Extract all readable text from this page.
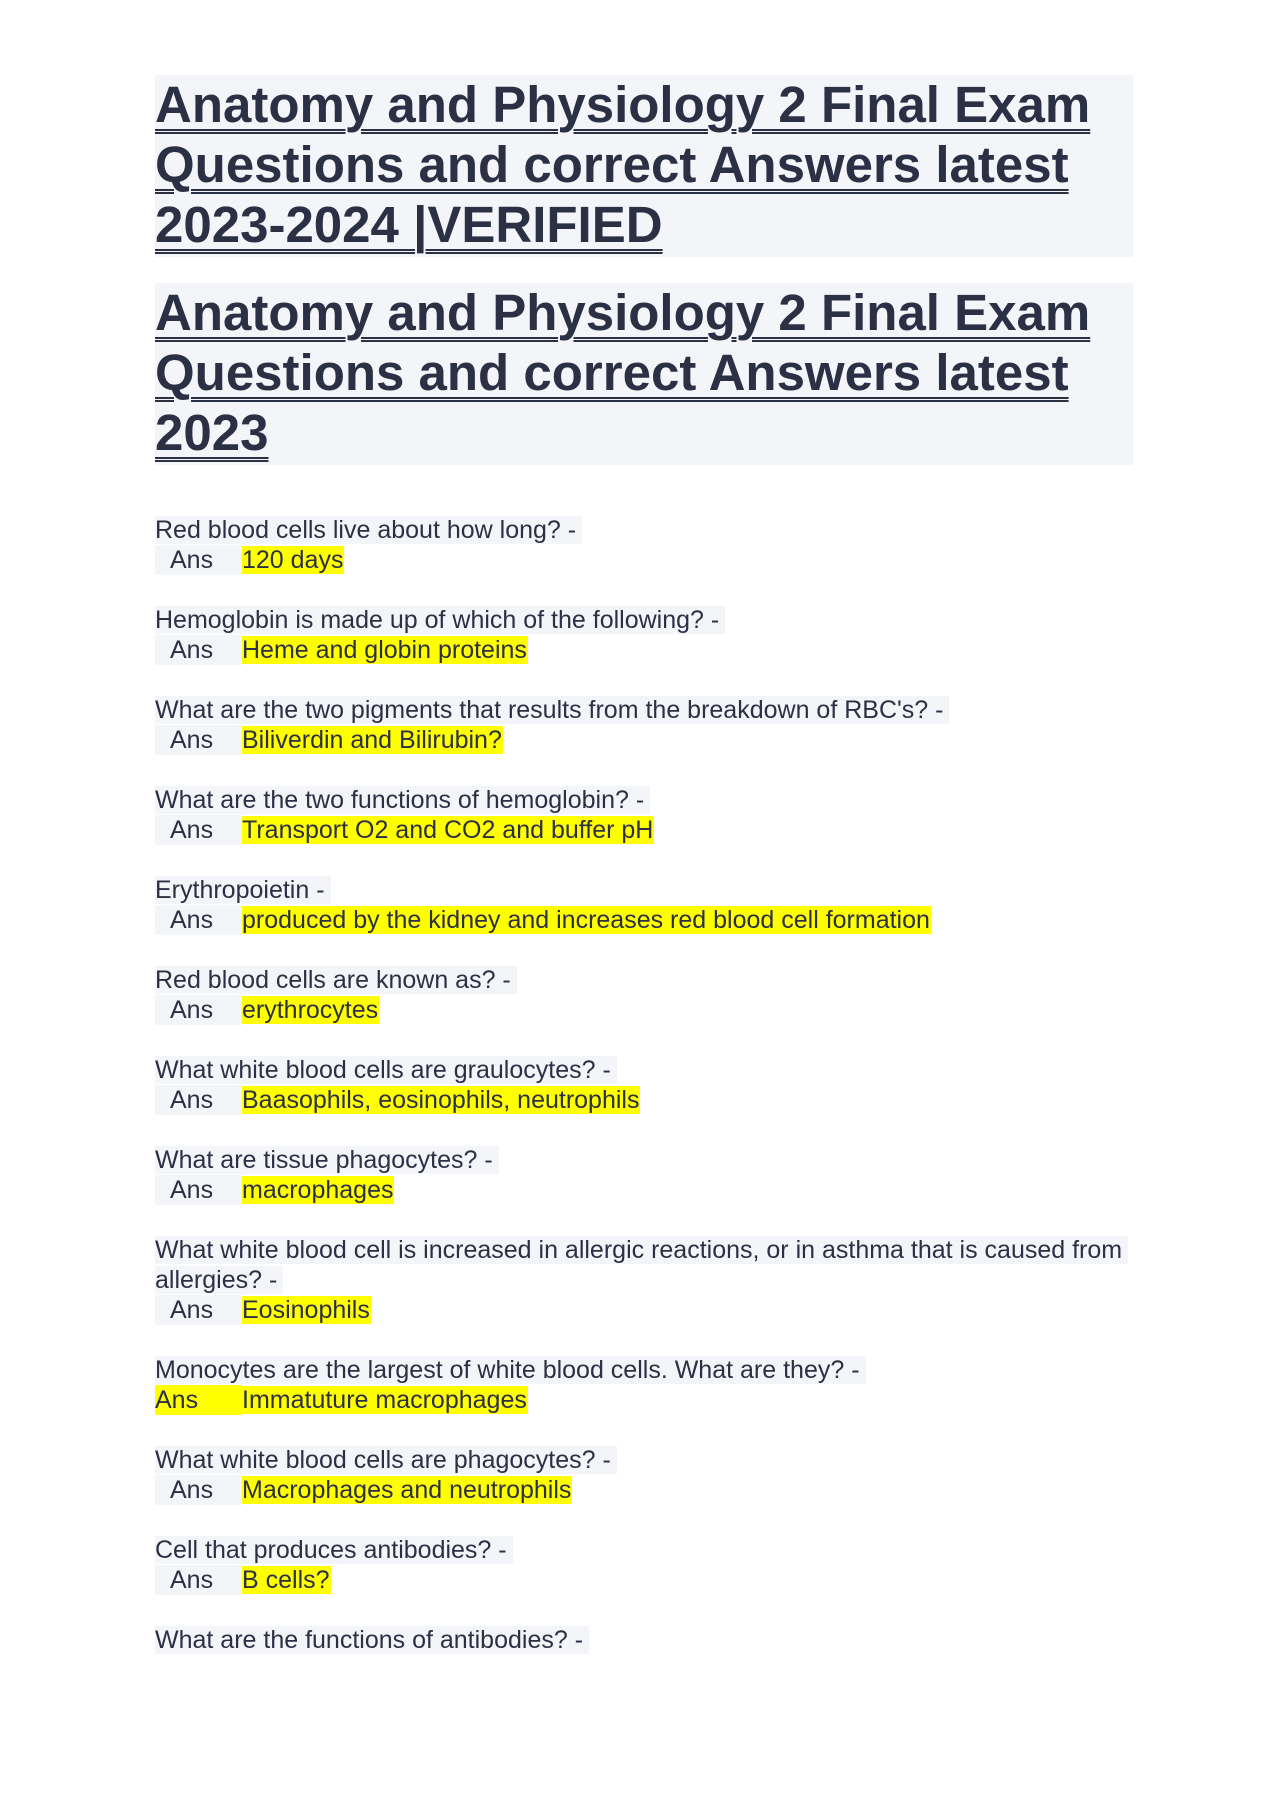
Anatomy and Physiology 2 Final Exam Questions and correct Answers latest 2023-2024 |VERIFIED
Anatomy and Physiology 2 Final Exam Questions and correct Answers latest 2023
Red blood cells live about how long? -
Ans 120 days
Hemoglobin is made up of which of the following? -
Ans Heme and globin proteins
What are the two pigments that results from the breakdown of RBC's? -
Ans Biliverdin and Bilirubin?
What are the two functions of hemoglobin? -
Ans Transport O2 and CO2 and buffer pH
Erythropoietin -
Ans produced by the kidney and increases red blood cell formation
Red blood cells are known as? -
Ans erythrocytes
What white blood cells are graulocytes? -
Ans Baasophils, eosinophils, neutrophils
What are tissue phagocytes? -
Ans macrophages
What white blood cell is increased in allergic reactions, or in asthma that is caused from allergies? -
Ans Eosinophils
Monocytes are the largest of white blood cells. What are they? -
Ans Immatuture macrophages
What white blood cells are phagocytes? -
Ans Macrophages and neutrophils
Cell that produces antibodies? -
Ans B cells?
What are the functions of antibodies? -
